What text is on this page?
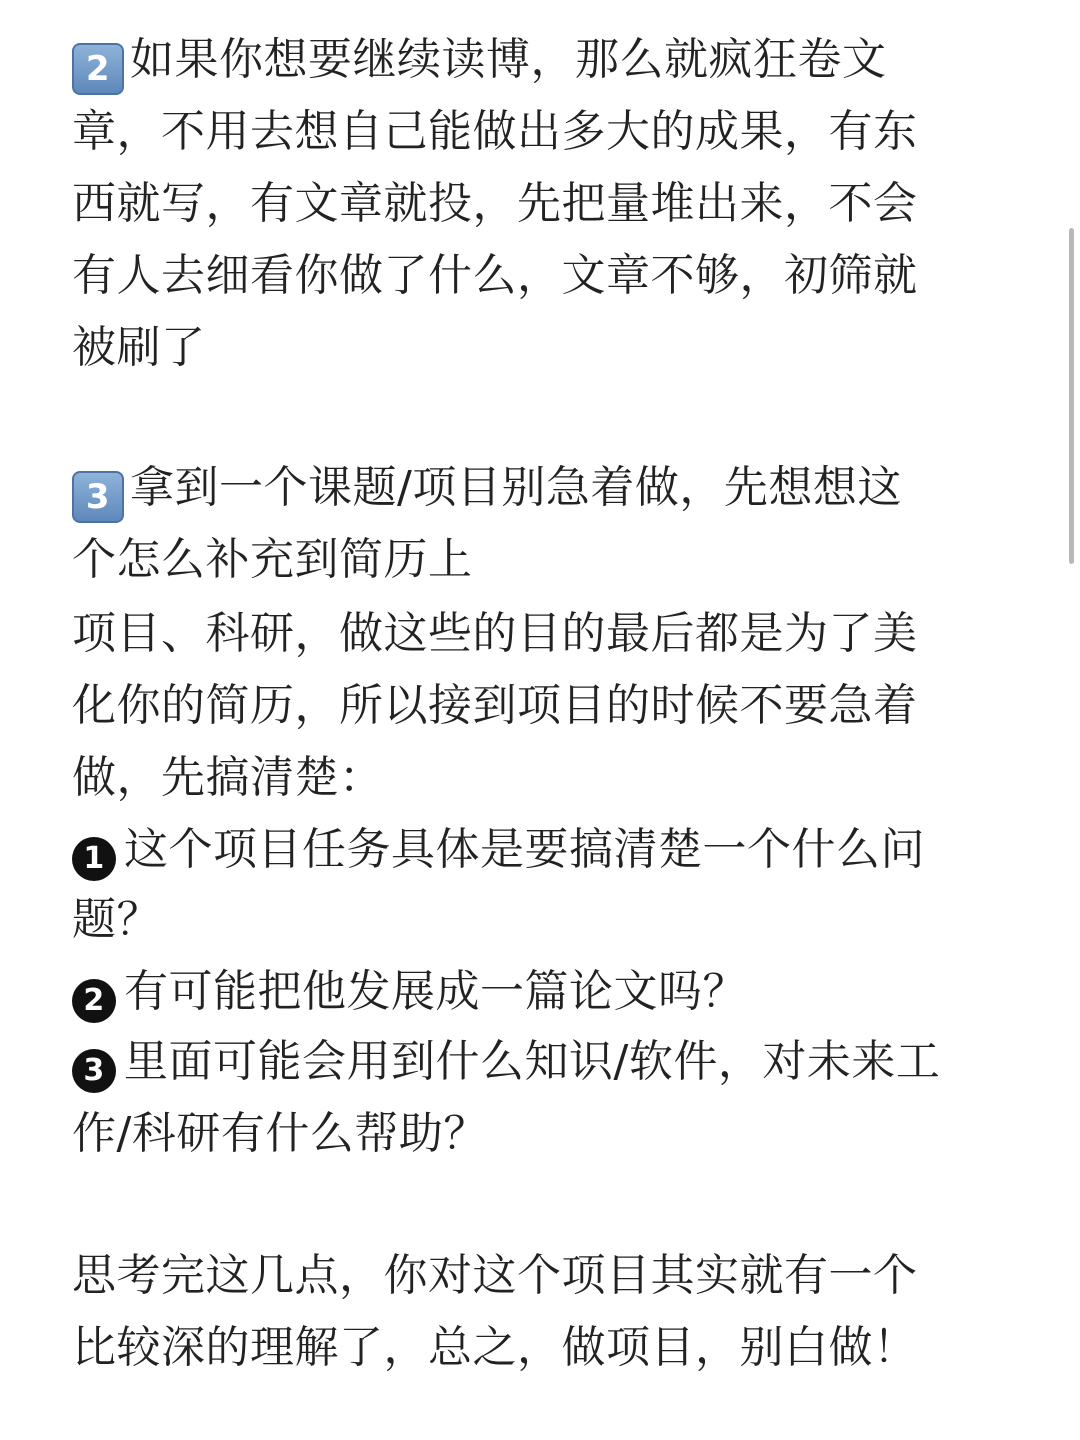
2 如果你想要继续读博，那么就疯狂卷文
章，不用去想自己能做出多大的成果，有东
西就写，有文章就投，先把量堆出来，不会
有人去细看你做了什么，文章不够，初筛就
被刷了
3 拿到一个课题/项目别急着做，先想想这
个怎么补充到简历上
项目、科研，做这些的目的最后都是为了美
化你的简历，所以接到项目的时候不要急着
做，先搞清楚：
1 这个项目任务具体是要搞清楚一个什么问
题？
2 有可能把他发展成一篇论文吗？
3 里面可能会用到什么知识/软件，对未来工
作/科研有什么帮助？
思考完这几点，你对这个项目其实就有一个
比较深的理解了，总之，做项目，别白做！
